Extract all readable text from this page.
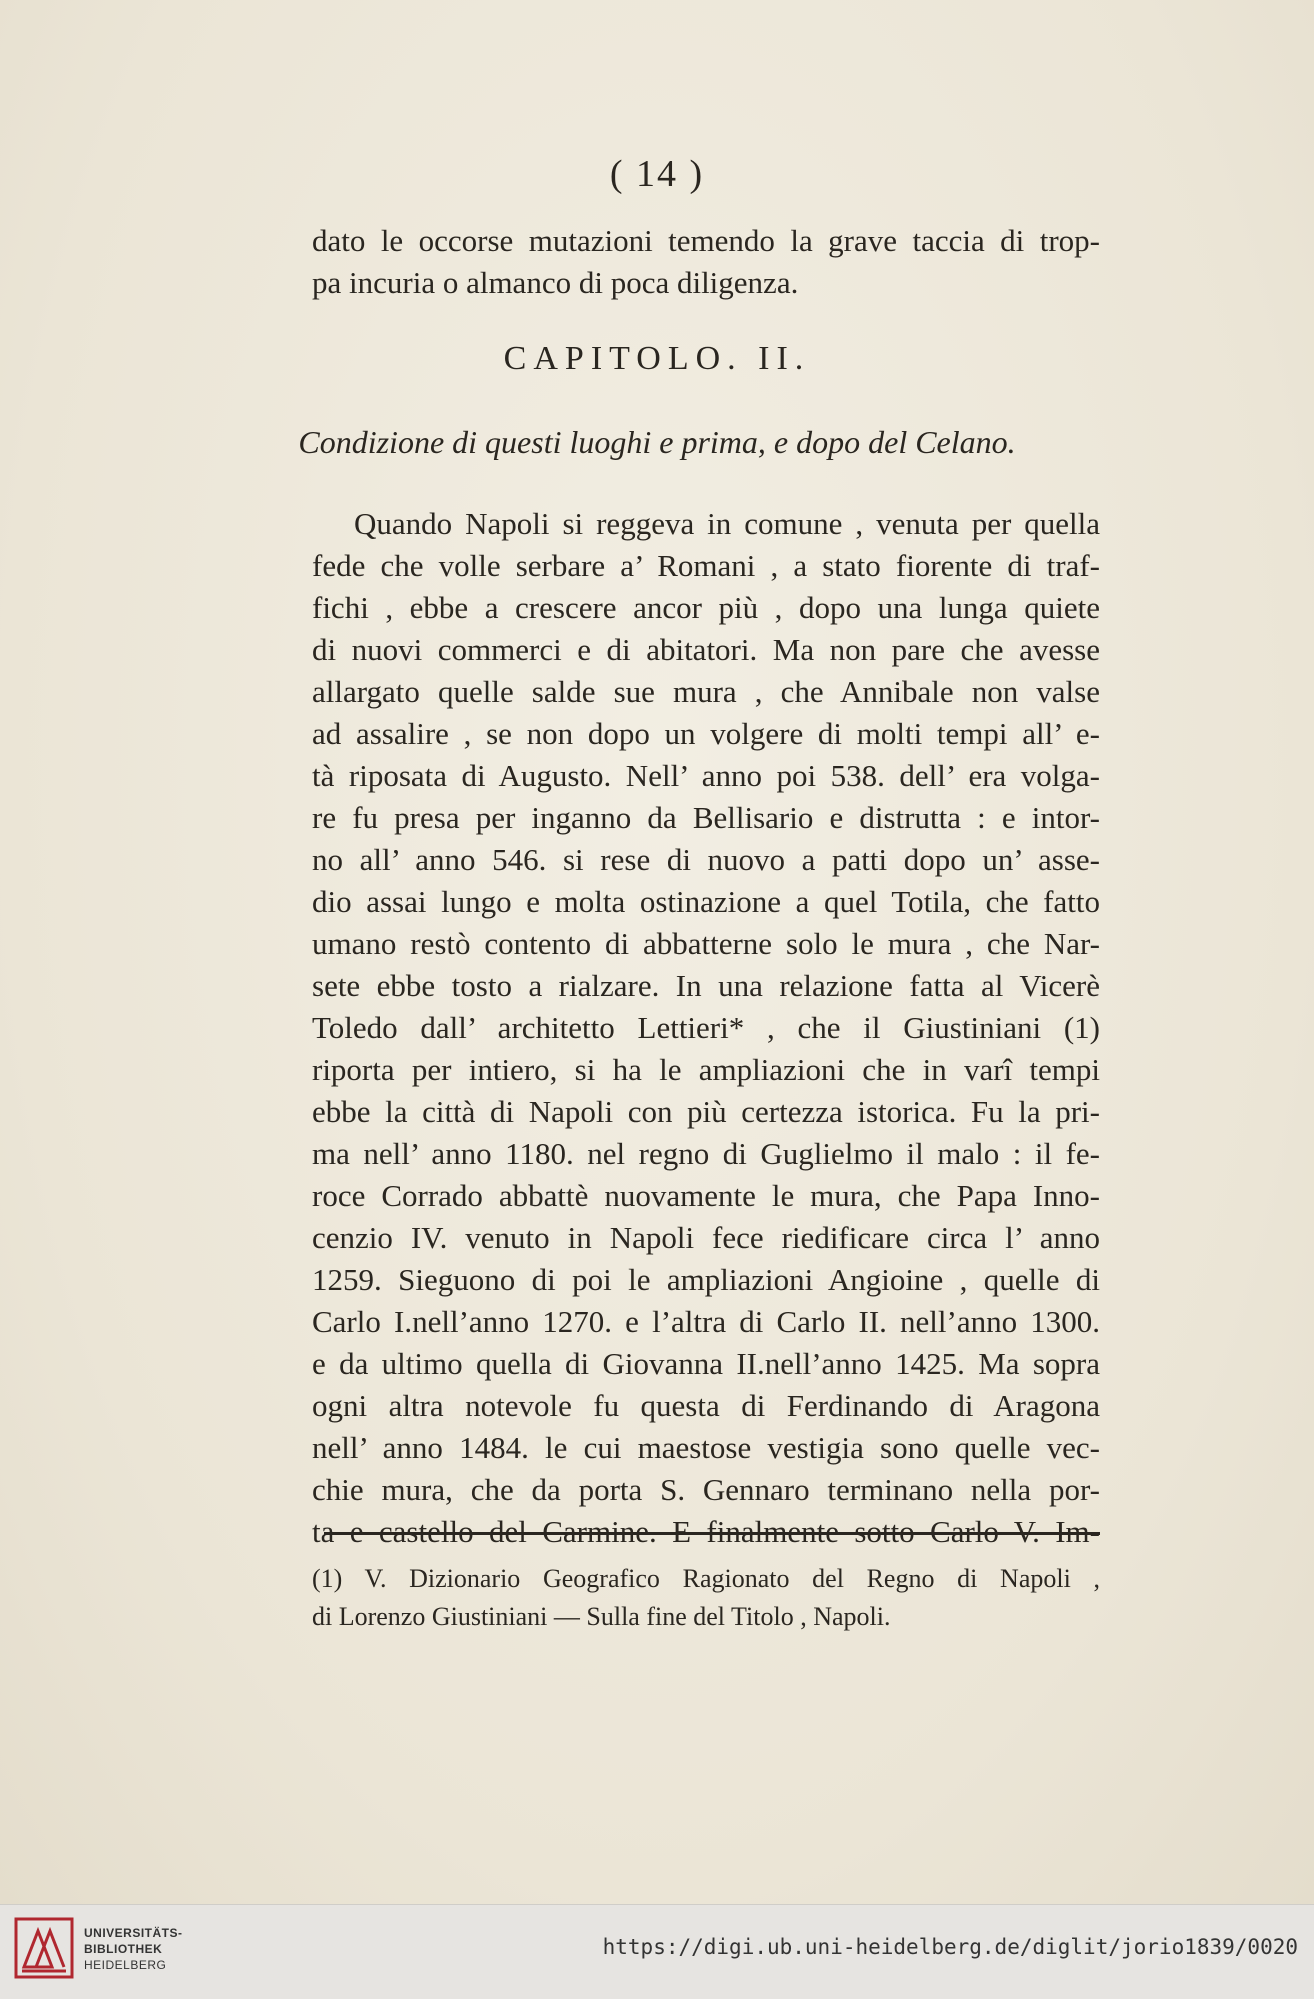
( 14 )
dato le occorse mutazioni temendo la grave taccia di trop-
pa incuria o almanco di poca diligenza.
CAPITOLO. II.
Condizione di questi luoghi e prima, e dopo del Celano.
Quando Napoli si reggeva in comune , venuta per quella
fede che volle serbare a’ Romani , a stato fiorente di traf-
fichi , ebbe a crescere ancor più , dopo una lunga quiete
di nuovi commerci e di abitatori. Ma non pare che avesse
allargato quelle salde sue mura , che Annibale non valse
ad assalire , se non dopo un volgere di molti tempi all’ e-
tà riposata di Augusto. Nell’ anno poi 538. dell’ era volga-
re fu presa per inganno da Bellisario e distrutta : e intor-
no all’ anno 546. si rese di nuovo a patti dopo un’ asse-
dio assai lungo e molta ostinazione a quel Totila, che fatto
umano restò contento di abbatterne solo le mura , che Nar-
sete ebbe tosto a rialzare. In una relazione fatta al Vicerè
Toledo dall’ architetto Lettieri* , che il Giustiniani (1)
riporta per intiero, si ha le ampliazioni che in varî tempi
ebbe la città di Napoli con più certezza istorica. Fu la pri-
ma nell’ anno 1180. nel regno di Guglielmo il malo : il fe-
roce Corrado abbattè nuovamente le mura, che Papa Inno-
cenzio IV. venuto in Napoli fece riedificare circa l’ anno
1259. Sieguono di poi le ampliazioni Angioine , quelle di
Carlo I.nell’anno 1270. e l’altra di Carlo II. nell’anno 1300.
e da ultimo quella di Giovanna II.nell’anno 1425. Ma sopra
ogni altra notevole fu questa di Ferdinando di Aragona
nell’ anno 1484. le cui maestose vestigia sono quelle vec-
chie mura, che da porta S. Gennaro terminano nella por-
ta e castello del Carmine. E finalmente sotto Carlo V. Im-
(1) V. Dizionario Geografico Ragionato del Regno di Napoli ,
di Lorenzo Giustiniani — Sulla fine del Titolo , Napoli.
UNIVERSITÄTS-
BIBLIOTHEK
HEIDELBERG
https://digi.ub.uni-heidelberg.de/diglit/jorio1839/0020
